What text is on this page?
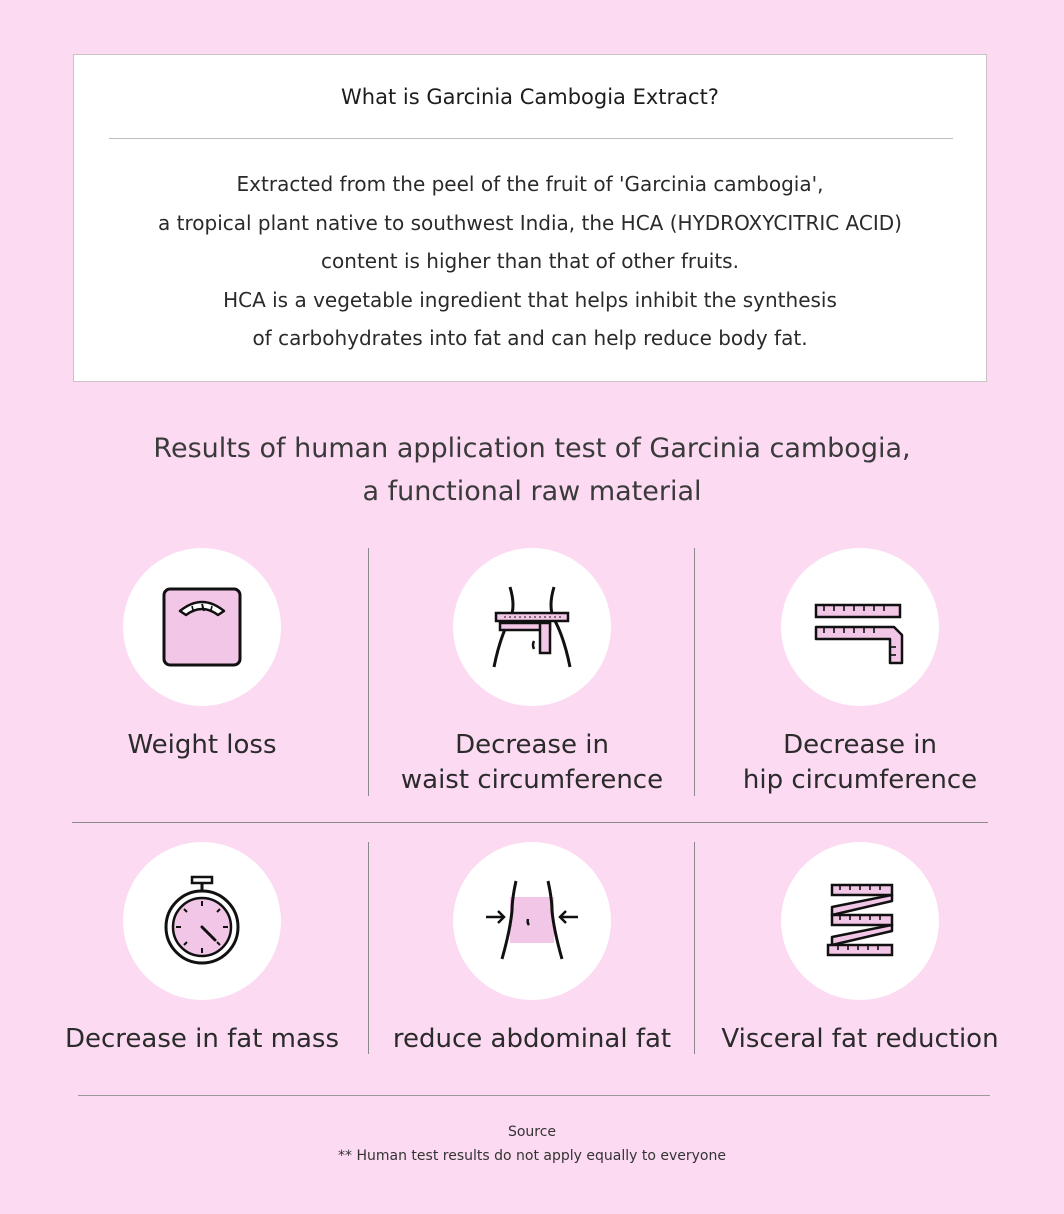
What is Garcinia Cambogia Extract?
Extracted from the peel of the fruit of 'Garcinia cambogia',
a tropical plant native to southwest India, the HCA (HYDROXYCITRIC ACID)
content is higher than that of other fruits.
HCA is a vegetable ingredient that helps inhibit the synthesis
of carbohydrates into fat and can help reduce body fat.
Results of human application test of Garcinia cambogia,
a functional raw material
Weight loss	Decrease in
waist circumference
Decrease in
hip circumference
Decrease in fat mass	reduce abdominal fat	Visceral fat reduction
Source
** Human test results do not apply equally to everyone
